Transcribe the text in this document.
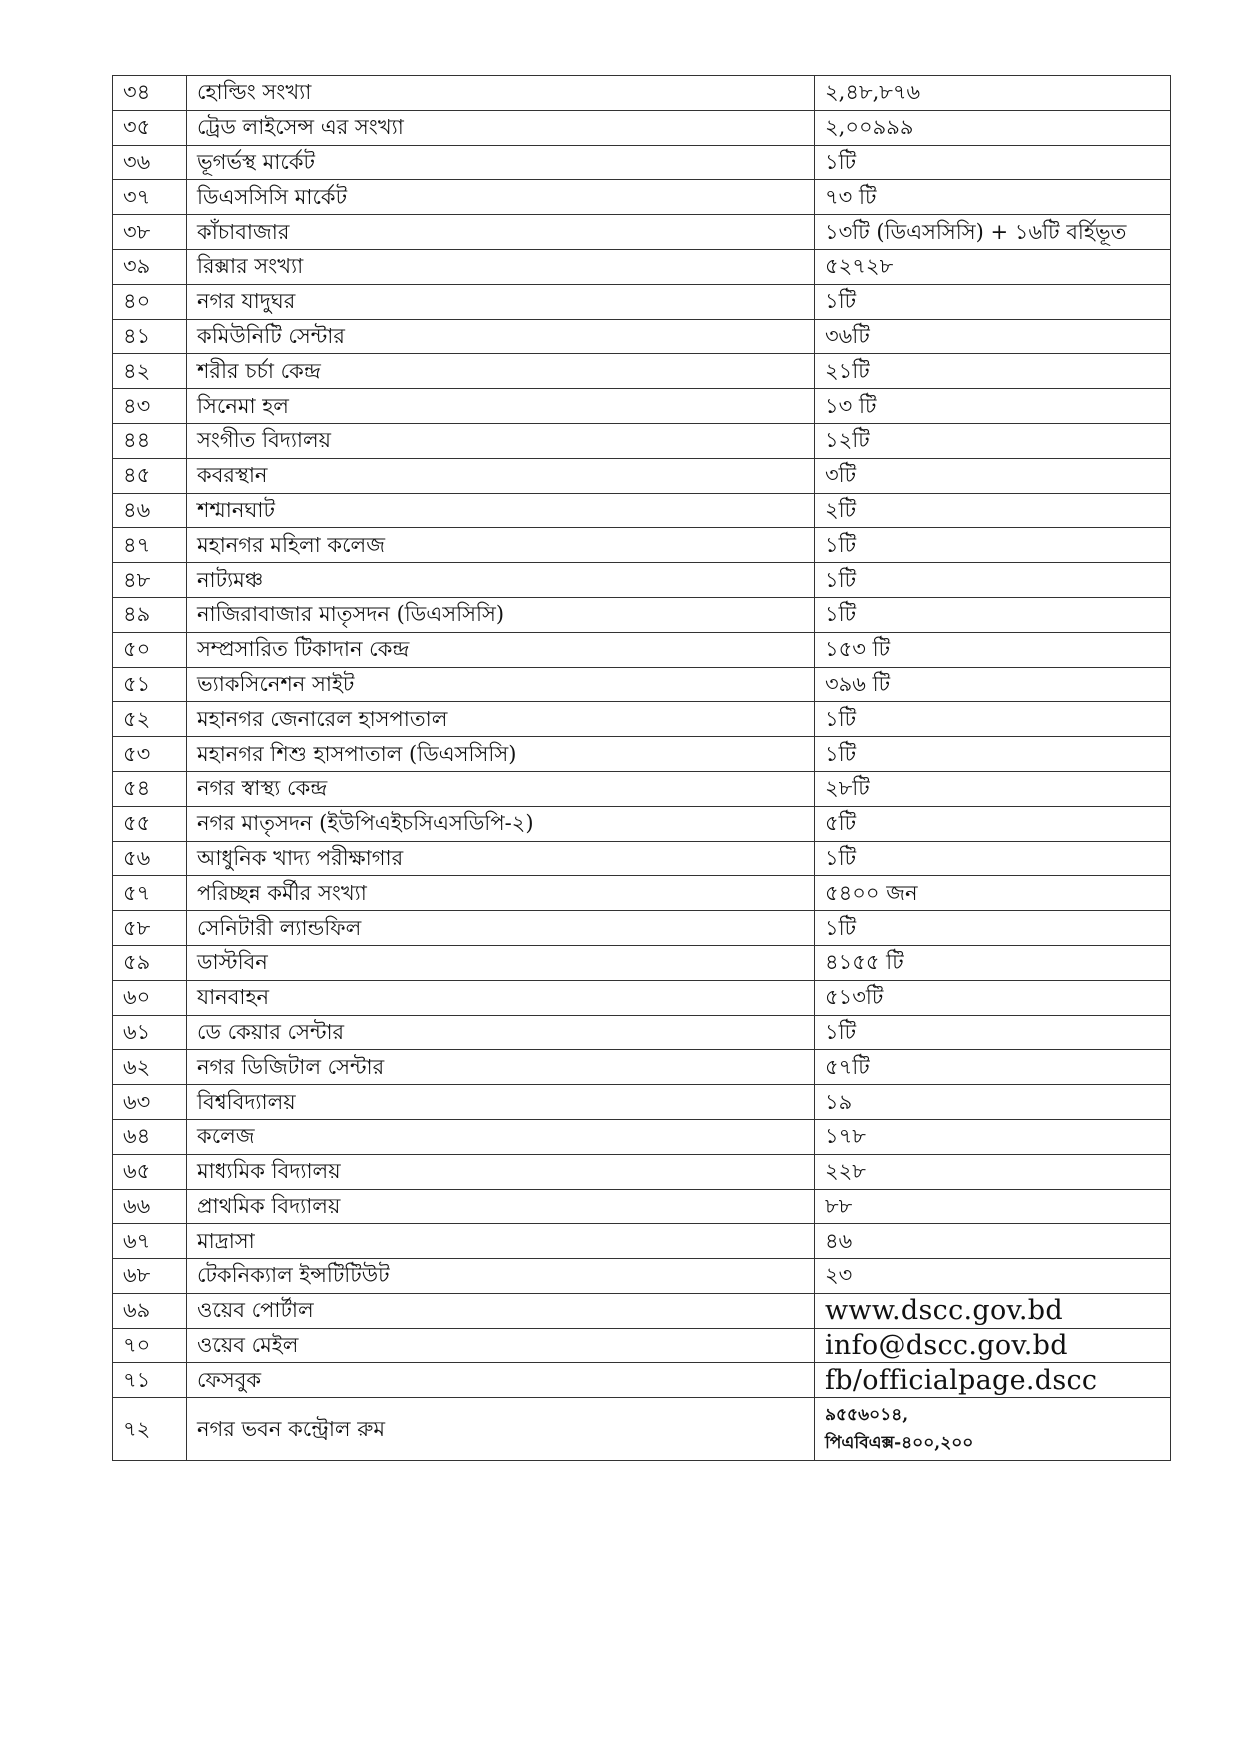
৩৪	হোল্ডিং সংখ্যা	২,৪৮,৮৭৬
৩৫	ট্রেড লাইসেন্স এর সংখ্যা	২,০০৯৯৯
৩৬	ভূগর্ভস্থ মার্কেট	১টি
৩৭	ডিএসসিসি মার্কেট	৭৩ টি
৩৮	কাঁচাবাজার	১৩টি (ডিএসসিসি) + ১৬টি বর্হিভূত
৩৯	রিক্সার সংখ্যা	৫২৭২৮
৪০	নগর যাদুঘর	১টি
৪১	কমিউনিটি সেন্টার	৩৬টি
৪২	শরীর চর্চা কেন্দ্র	২১টি
৪৩	সিনেমা হল	১৩ টি
৪৪	সংগীত বিদ্যালয়	১২টি
৪৫	কবরস্থান	৩টি
৪৬	শশ্মানঘাট	২টি
৪৭	মহানগর মহিলা কলেজ	১টি
৪৮	নাট্যমঞ্চ	১টি
৪৯	নাজিরাবাজার মাতৃসদন (ডিএসসিসি)	১টি
৫০	সম্প্রসারিত টিকাদান কেন্দ্র	১৫৩ টি
৫১	ভ্যাকসিনেশন সাইট	৩৯৬ টি
৫২	মহানগর জেনারেল হাসপাতাল	১টি
৫৩	মহানগর শিশু হাসপাতাল (ডিএসসিসি)	১টি
৫৪	নগর স্বাস্থ্য কেন্দ্র	২৮টি
৫৫	নগর মাতৃসদন (ইউপিএইচসিএসডিপি-২)	৫টি
৫৬	আধুনিক খাদ্য পরীক্ষাগার	১টি
৫৭	পরিচ্ছন্ন কর্মীর সংখ্যা	৫৪০০ জন
৫৮	সেনিটারী ল্যান্ডফিল	১টি
৫৯	ডাস্টবিন	৪১৫৫ টি
৬০	যানবাহন	৫১৩টি
৬১	ডে কেয়ার সেন্টার	১টি
৬২	নগর ডিজিটাল সেন্টার	৫৭টি
৬৩	বিশ্ববিদ্যালয়	১৯
৬৪	কলেজ	১৭৮
৬৫	মাধ্যমিক বিদ্যালয়	২২৮
৬৬	প্রাথমিক বিদ্যালয়	৮৮
৬৭	মাদ্রাসা	৪৬
৬৮	টেকনিক্যাল ইন্সটিটিউট	২৩
৬৯	ওয়েব পোর্টাল	www.dscc.gov.bd
৭০	ওয়েব মেইল	info@dscc.gov.bd
৭১	ফেসবুক	fb/officialpage.dscc
৭২	নগর ভবন কন্ট্রোল রুম	৯৫৫৬০১৪,
পিএবিএক্স-৪০০,২০০
